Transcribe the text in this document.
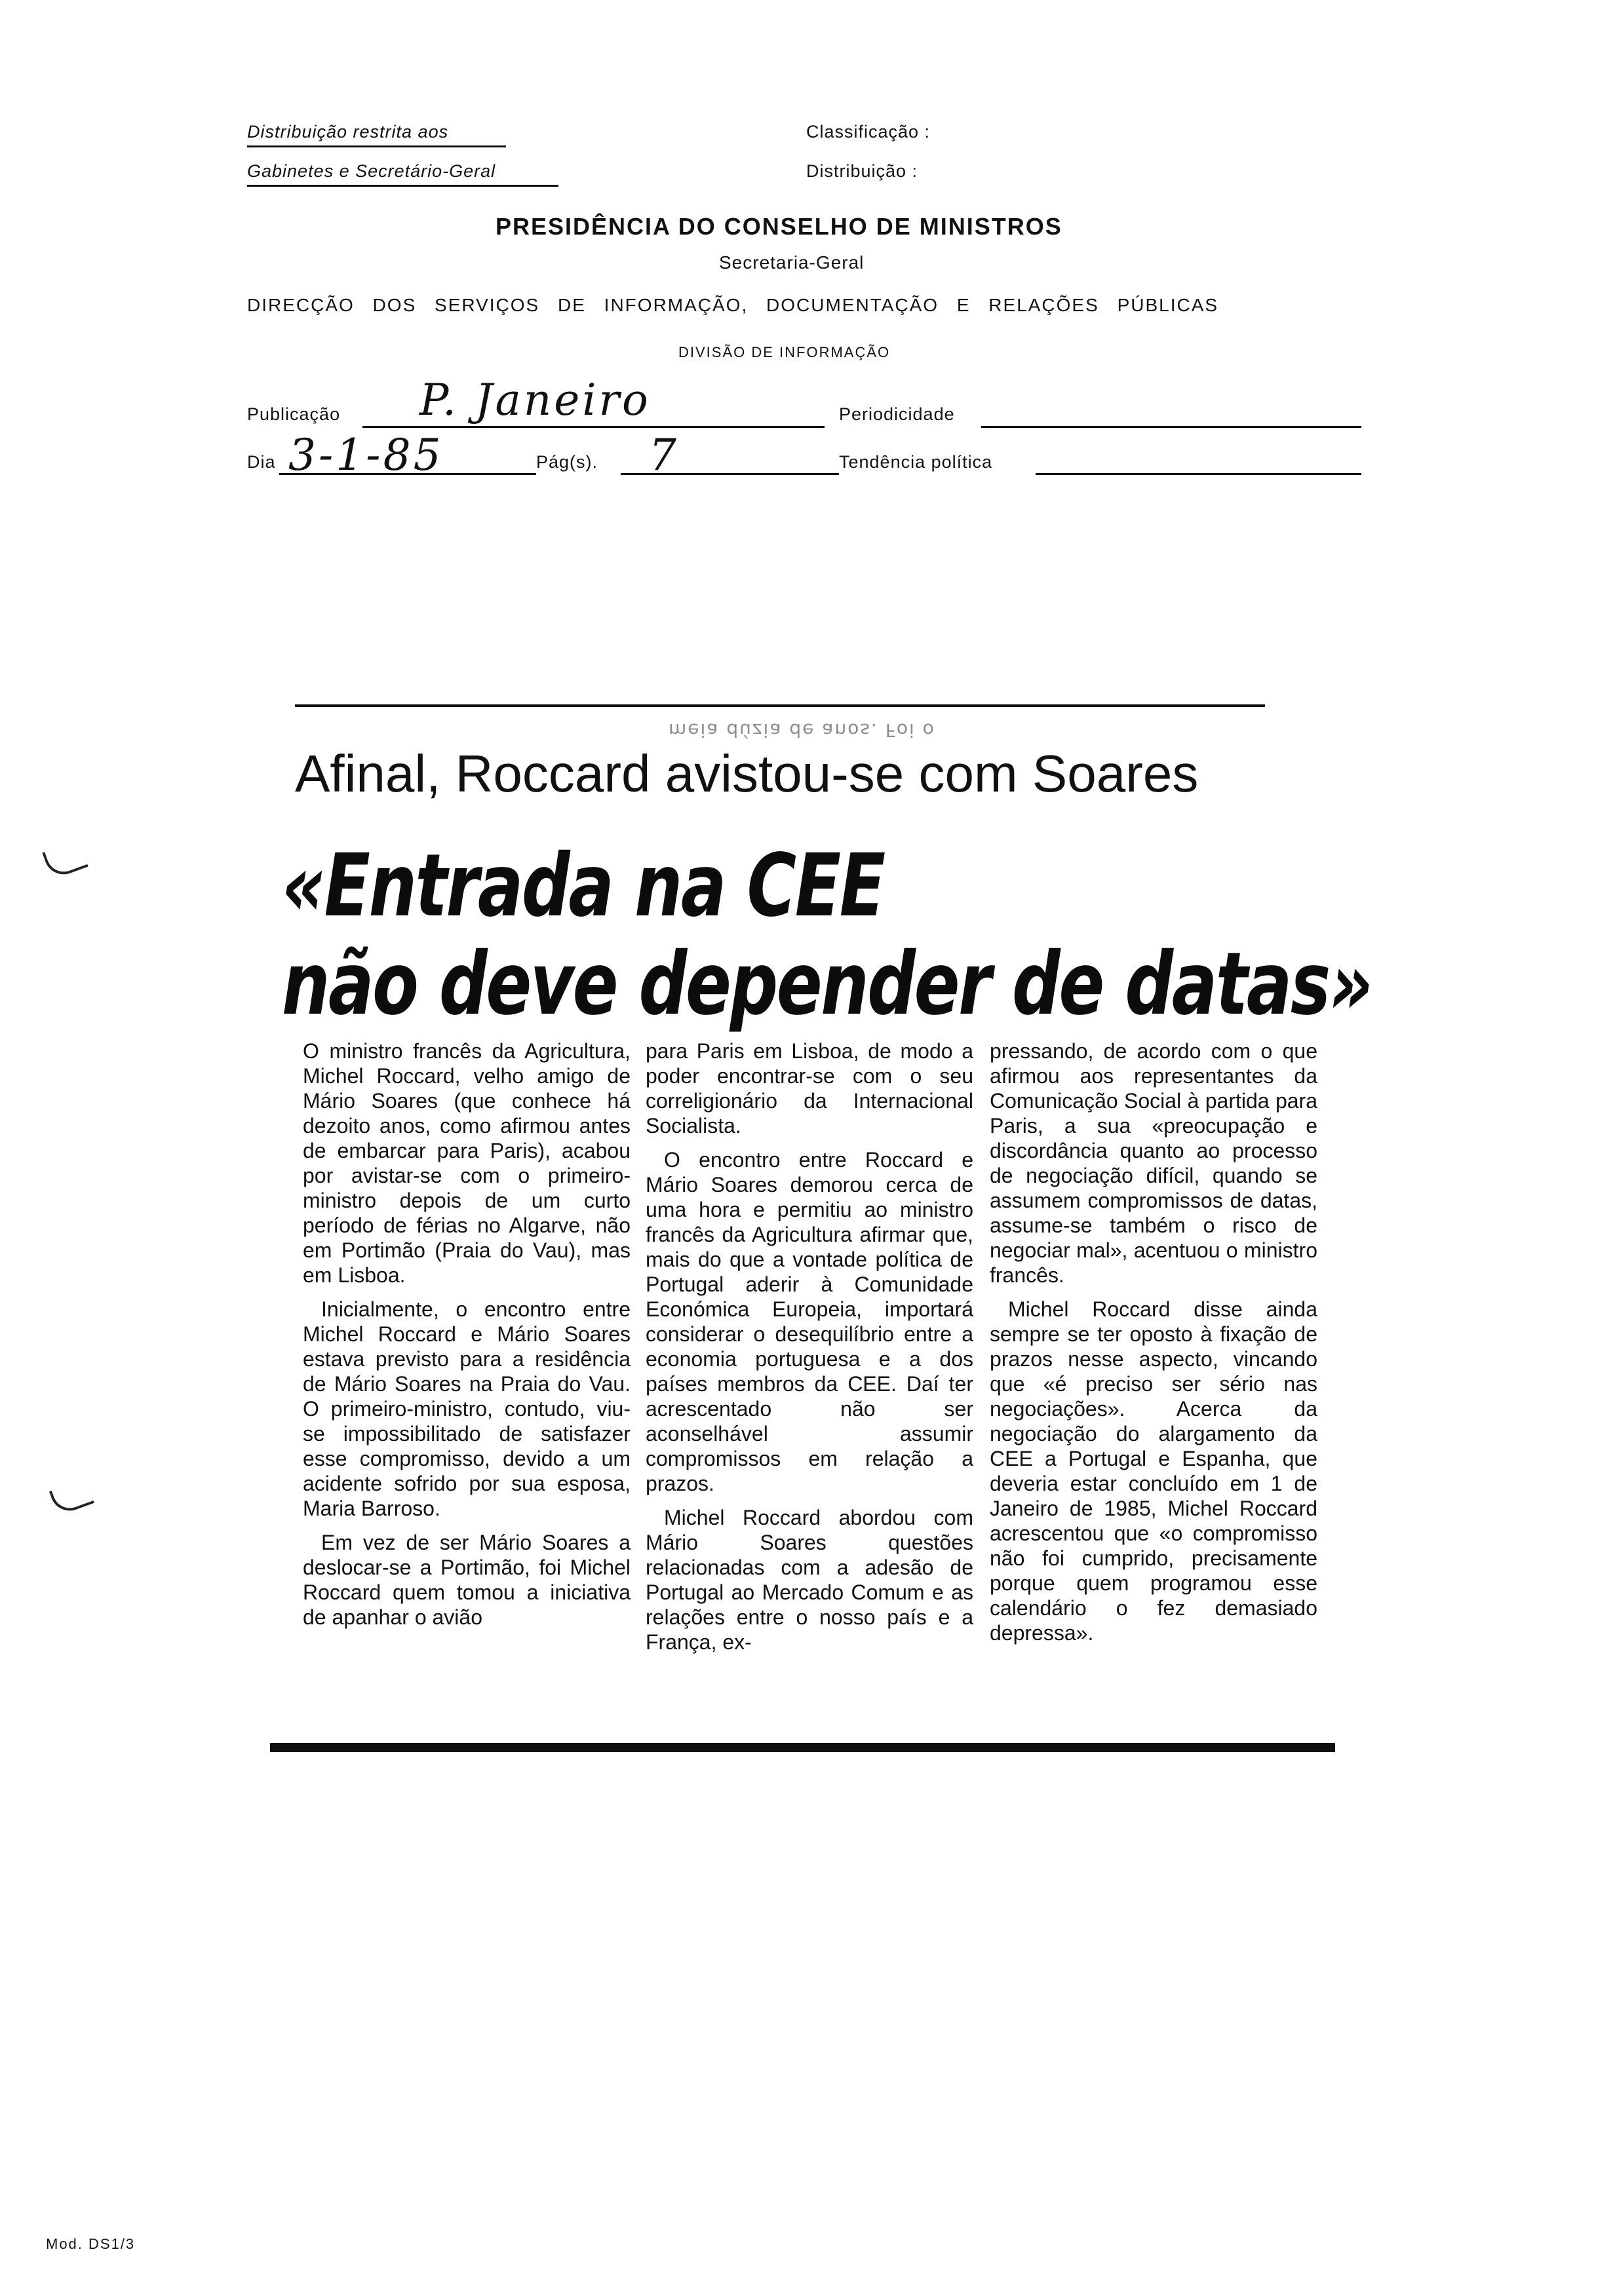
Distribuição restrita aos
Gabinetes e Secretário-Geral
Classificação :
Distribuição :
PRESIDÊNCIA DO CONSELHO DE MINISTROS
Secretaria-Geral
DIRECÇÃO DOS SERVIÇOS DE INFORMAÇÃO, DOCUMENTAÇÃO E RELAÇÕES PÚBLICAS
DIVISÃO DE INFORMAÇÃO
Publicação P. Janeiro	Periodicidade
Dia 3-1-85	Pág(s). 7	Tendência política
meia dúzia de anos. Foi o
Afinal, Roccard avistou-se com Soares
«Entrada na CEE
não deve depender de datas»

O ministro francês da Agricultura, Michel Roccard, velho amigo de Mário Soares (que conhece há dezoito anos, como afirmou antes de embarcar para Paris), acabou por avistar-se com o primeiro-ministro depois de um curto período de férias no Algarve, não em Portimão (Praia do Vau), mas em Lisboa.

Inicialmente, o encontro entre Michel Roccard e Mário Soares estava previsto para a residência de Mário Soares na Praia do Vau. O primeiro-ministro, contudo, viu-se impossibilitado de satisfazer esse compromisso, devido a um acidente sofrido por sua esposa, Maria Barroso.

Em vez de ser Mário Soares a deslocar-se a Portimão, foi Michel Roccard quem tomou a iniciativa de apanhar o avião

para Paris em Lisboa, de modo a poder encontrar-se com o seu correligionário da Internacional Socialista.

O encontro entre Roccard e Mário Soares demorou cerca de uma hora e permitiu ao ministro francês da Agricultura afirmar que, mais do que a vontade política de Portugal aderir à Comunidade Económica Europeia, importará considerar o desequilíbrio entre a economia portuguesa e a dos países membros da CEE. Daí ter acrescentado não ser aconselhável assumir compromissos em relação a prazos.

Michel Roccard abordou com Mário Soares questões relacionadas com a adesão de Portugal ao Mercado Comum e as relações entre o nosso país e a França, ex-

pressando, de acordo com o que afirmou aos representantes da Comunicação Social à partida para Paris, a sua «preocupação e discordância quanto ao processo de negociação difícil, quando se assumem compromissos de datas, assume-se também o risco de negociar mal», acentuou o ministro francês.

Michel Roccard disse ainda sempre se ter oposto à fixação de prazos nesse aspecto, vincando que «é preciso ser sério nas negociações». Acerca da negociação do alargamento da CEE a Portugal e Espanha, que deveria estar concluído em 1 de Janeiro de 1985, Michel Roccard acrescentou que «o compromisso não foi cumprido, precisamente porque quem programou esse calendário o fez demasiado depressa».

Mod. DS1/3
